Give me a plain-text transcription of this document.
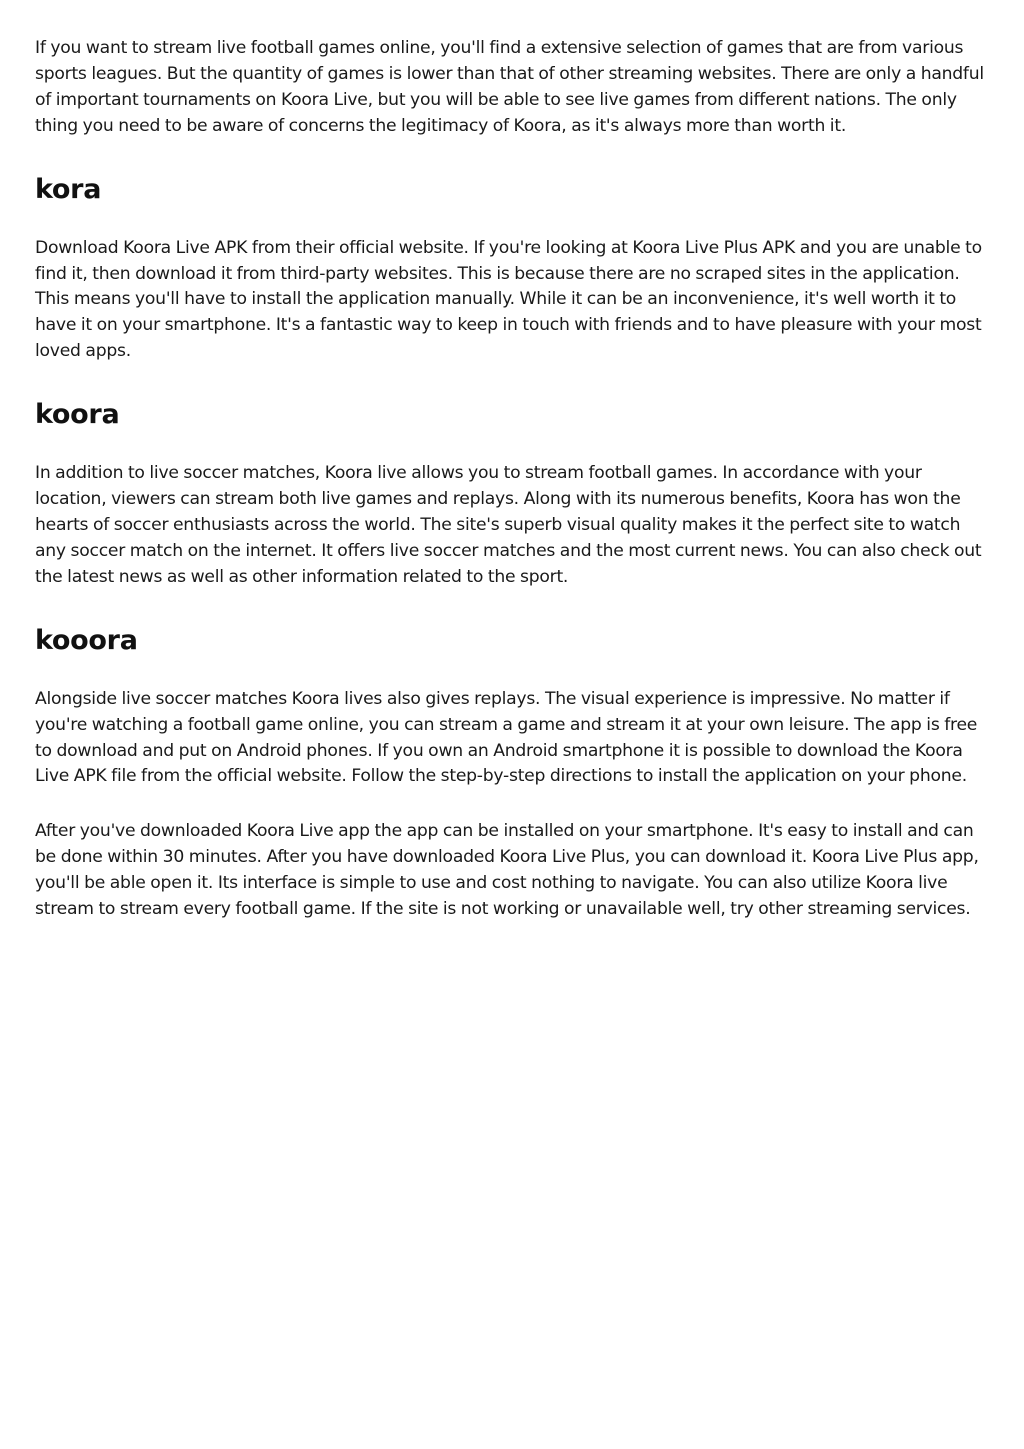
If you want to stream live football games online, you'll find a extensive selection of games that are from various sports leagues. But the quantity of games is lower than that of other streaming websites. There are only a handful of important tournaments on Koora Live, but you will be able to see live games from different nations. The only thing you need to be aware of concerns the legitimacy of Koora, as it's always more than worth it.

kora

Download Koora Live APK from their official website. If you're looking at Koora Live Plus APK and you are unable to find it, then download it from third-party websites. This is because there are no scraped sites in the application. This means you'll have to install the application manually. While it can be an inconvenience, it's well worth it to have it on your smartphone. It's a fantastic way to keep in touch with friends and to have pleasure with your most loved apps.

koora

In addition to live soccer matches, Koora live allows you to stream football games. In accordance with your location, viewers can stream both live games and replays. Along with its numerous benefits, Koora has won the hearts of soccer enthusiasts across the world. The site's superb visual quality makes it the perfect site to watch any soccer match on the internet. It offers live soccer matches and the most current news. You can also check out the latest news as well as other information related to the sport.

kooora

Alongside live soccer matches Koora lives also gives replays. The visual experience is impressive. No matter if you're watching a football game online, you can stream a game and stream it at your own leisure. The app is free to download and put on Android phones. If you own an Android smartphone it is possible to download the Koora Live APK file from the official website. Follow the step-by-step directions to install the application on your phone.

After you've downloaded Koora Live app the app can be installed on your smartphone. It's easy to install and can be done within 30 minutes. After you have downloaded Koora Live Plus, you can download it. Koora Live Plus app, you'll be able open it. Its interface is simple to use and cost nothing to navigate. You can also utilize Koora live stream to stream every football game. If the site is not working or unavailable well, try other streaming services.
